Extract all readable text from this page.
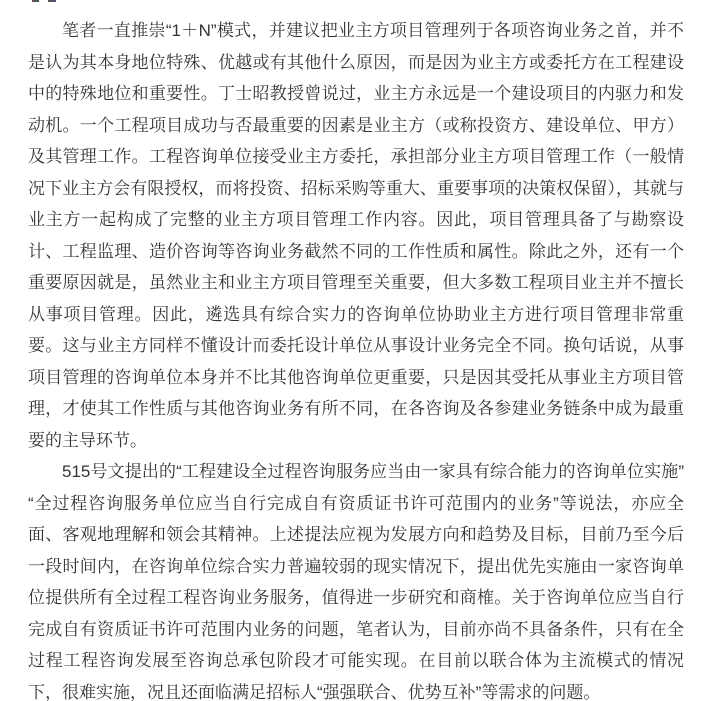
笔者一直推崇“1＋N”模式，并建议把业主方项目管理列于各项咨询业务之首，并不是认为其本身地位特殊、优越或有其他什么原因，而是因为业主方或委托方在工程建设中的特殊地位和重要性。丁士昭教授曾说过，业主方永远是一个建设项目的内驱力和发动机。一个工程项目成功与否最重要的因素是业主方（或称投资方、建设单位、甲方）及其管理工作。工程咨询单位接受业主方委托，承担部分业主方项目管理工作（一般情况下业主方会有限授权，而将投资、招标采购等重大、重要事项的决策权保留），其就与业主方一起构成了完整的业主方项目管理工作内容。因此，项目管理具备了与勘察设计、工程监理、造价咨询等咨询业务截然不同的工作性质和属性。除此之外，还有一个重要原因就是，虽然业主和业主方项目管理至关重要，但大多数工程项目业主并不擅长从事项目管理。因此，遴选具有综合实力的咨询单位协助业主方进行项目管理非常重要。这与业主方同样不懂设计而委托设计单位从事设计业务完全不同。换句话说，从事项目管理的咨询单位本身并不比其他咨询单位更重要，只是因其受托从事业主方项目管理，才使其工作性质与其他咨询业务有所不同，在各咨询及各参建业务链条中成为最重要的主导环节。

515号文提出的“工程建设全过程咨询服务应当由一家具有综合能力的咨询单位实施”“全过程咨询服务单位应当自行完成自有资质证书许可范围内的业务”等说法，亦应全面、客观地理解和领会其精神。上述提法应视为发展方向和趋势及目标，目前乃至今后一段时间内，在咨询单位综合实力普遍较弱的现实情况下，提出优先实施由一家咨询单位提供所有全过程工程咨询业务服务，值得进一步研究和商榷。关于咨询单位应当自行完成自有资质证书许可范围内业务的问题，笔者认为，目前亦尚不具备条件，只有在全过程工程咨询发展至咨询总承包阶段才可能实现。在目前以联合体为主流模式的情况下，很难实施，况且还面临满足招标人“强强联合、优势互补”等需求的问题。
